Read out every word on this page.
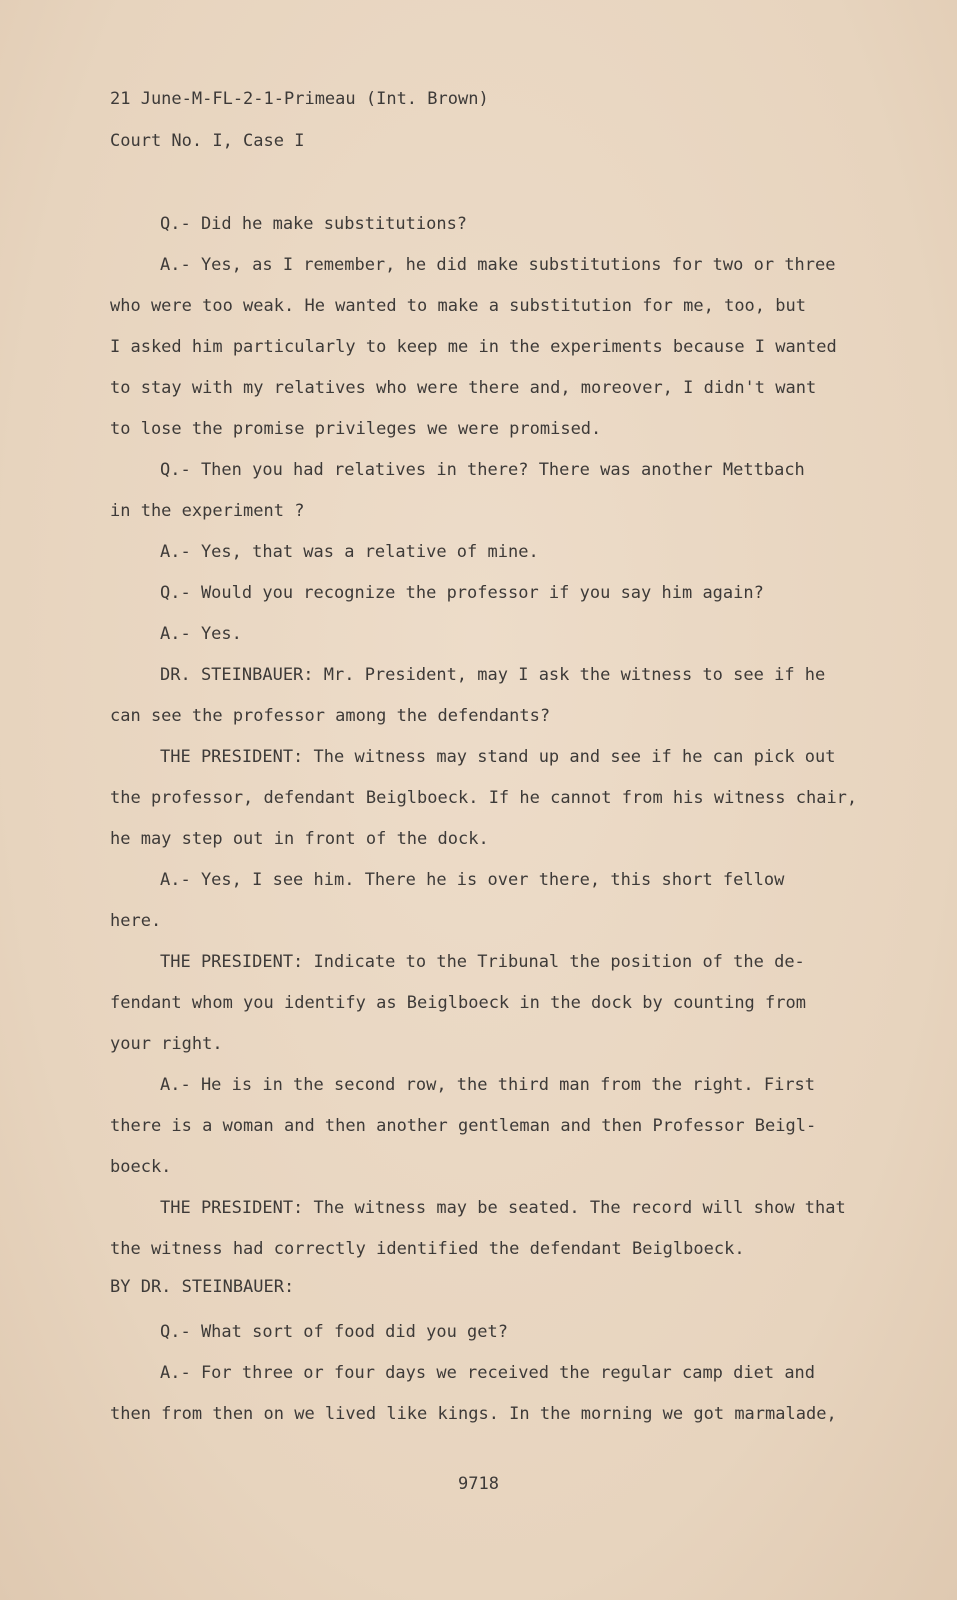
21 June-M-FL-2-1-Primeau (Int. Brown)
Court No. I, Case I
Q.- Did he make substitutions?
A.- Yes, as I remember, he did make substitutions for two or three
who were too weak. He wanted to make a substitution for me, too, but
I asked him particularly to keep me in the experiments because I wanted
to stay with my relatives who were there and, moreover, I didn't want
to lose the promise privileges we were promised.
Q.- Then you had relatives in there? There was another Mettbach
in the experiment ?
A.- Yes, that was a relative of mine.
Q.- Would you recognize the professor if you say him again?
A.- Yes.
DR. STEINBAUER: Mr. President, may I ask the witness to see if he
can see the professor among the defendants?
THE PRESIDENT: The witness may stand up and see if he can pick out
the professor, defendant Beiglboeck. If he cannot from his witness chair,
he may step out in front of the dock.
A.- Yes, I see him. There he is over there, this short fellow
here.
THE PRESIDENT: Indicate to the Tribunal the position of the de-
fendant whom you identify as Beiglboeck in the dock by counting from
your right.
A.- He is in the second row, the third man from the right. First
there is a woman and then another gentleman and then Professor Beigl-
boeck.
THE PRESIDENT: The witness may be seated. The record will show that
the witness had correctly identified the defendant Beiglboeck.
BY DR. STEINBAUER:
Q.- What sort of food did you get?
A.- For three or four days we received the regular camp diet and
then from then on we lived like kings. In the morning we got marmalade,
9718
